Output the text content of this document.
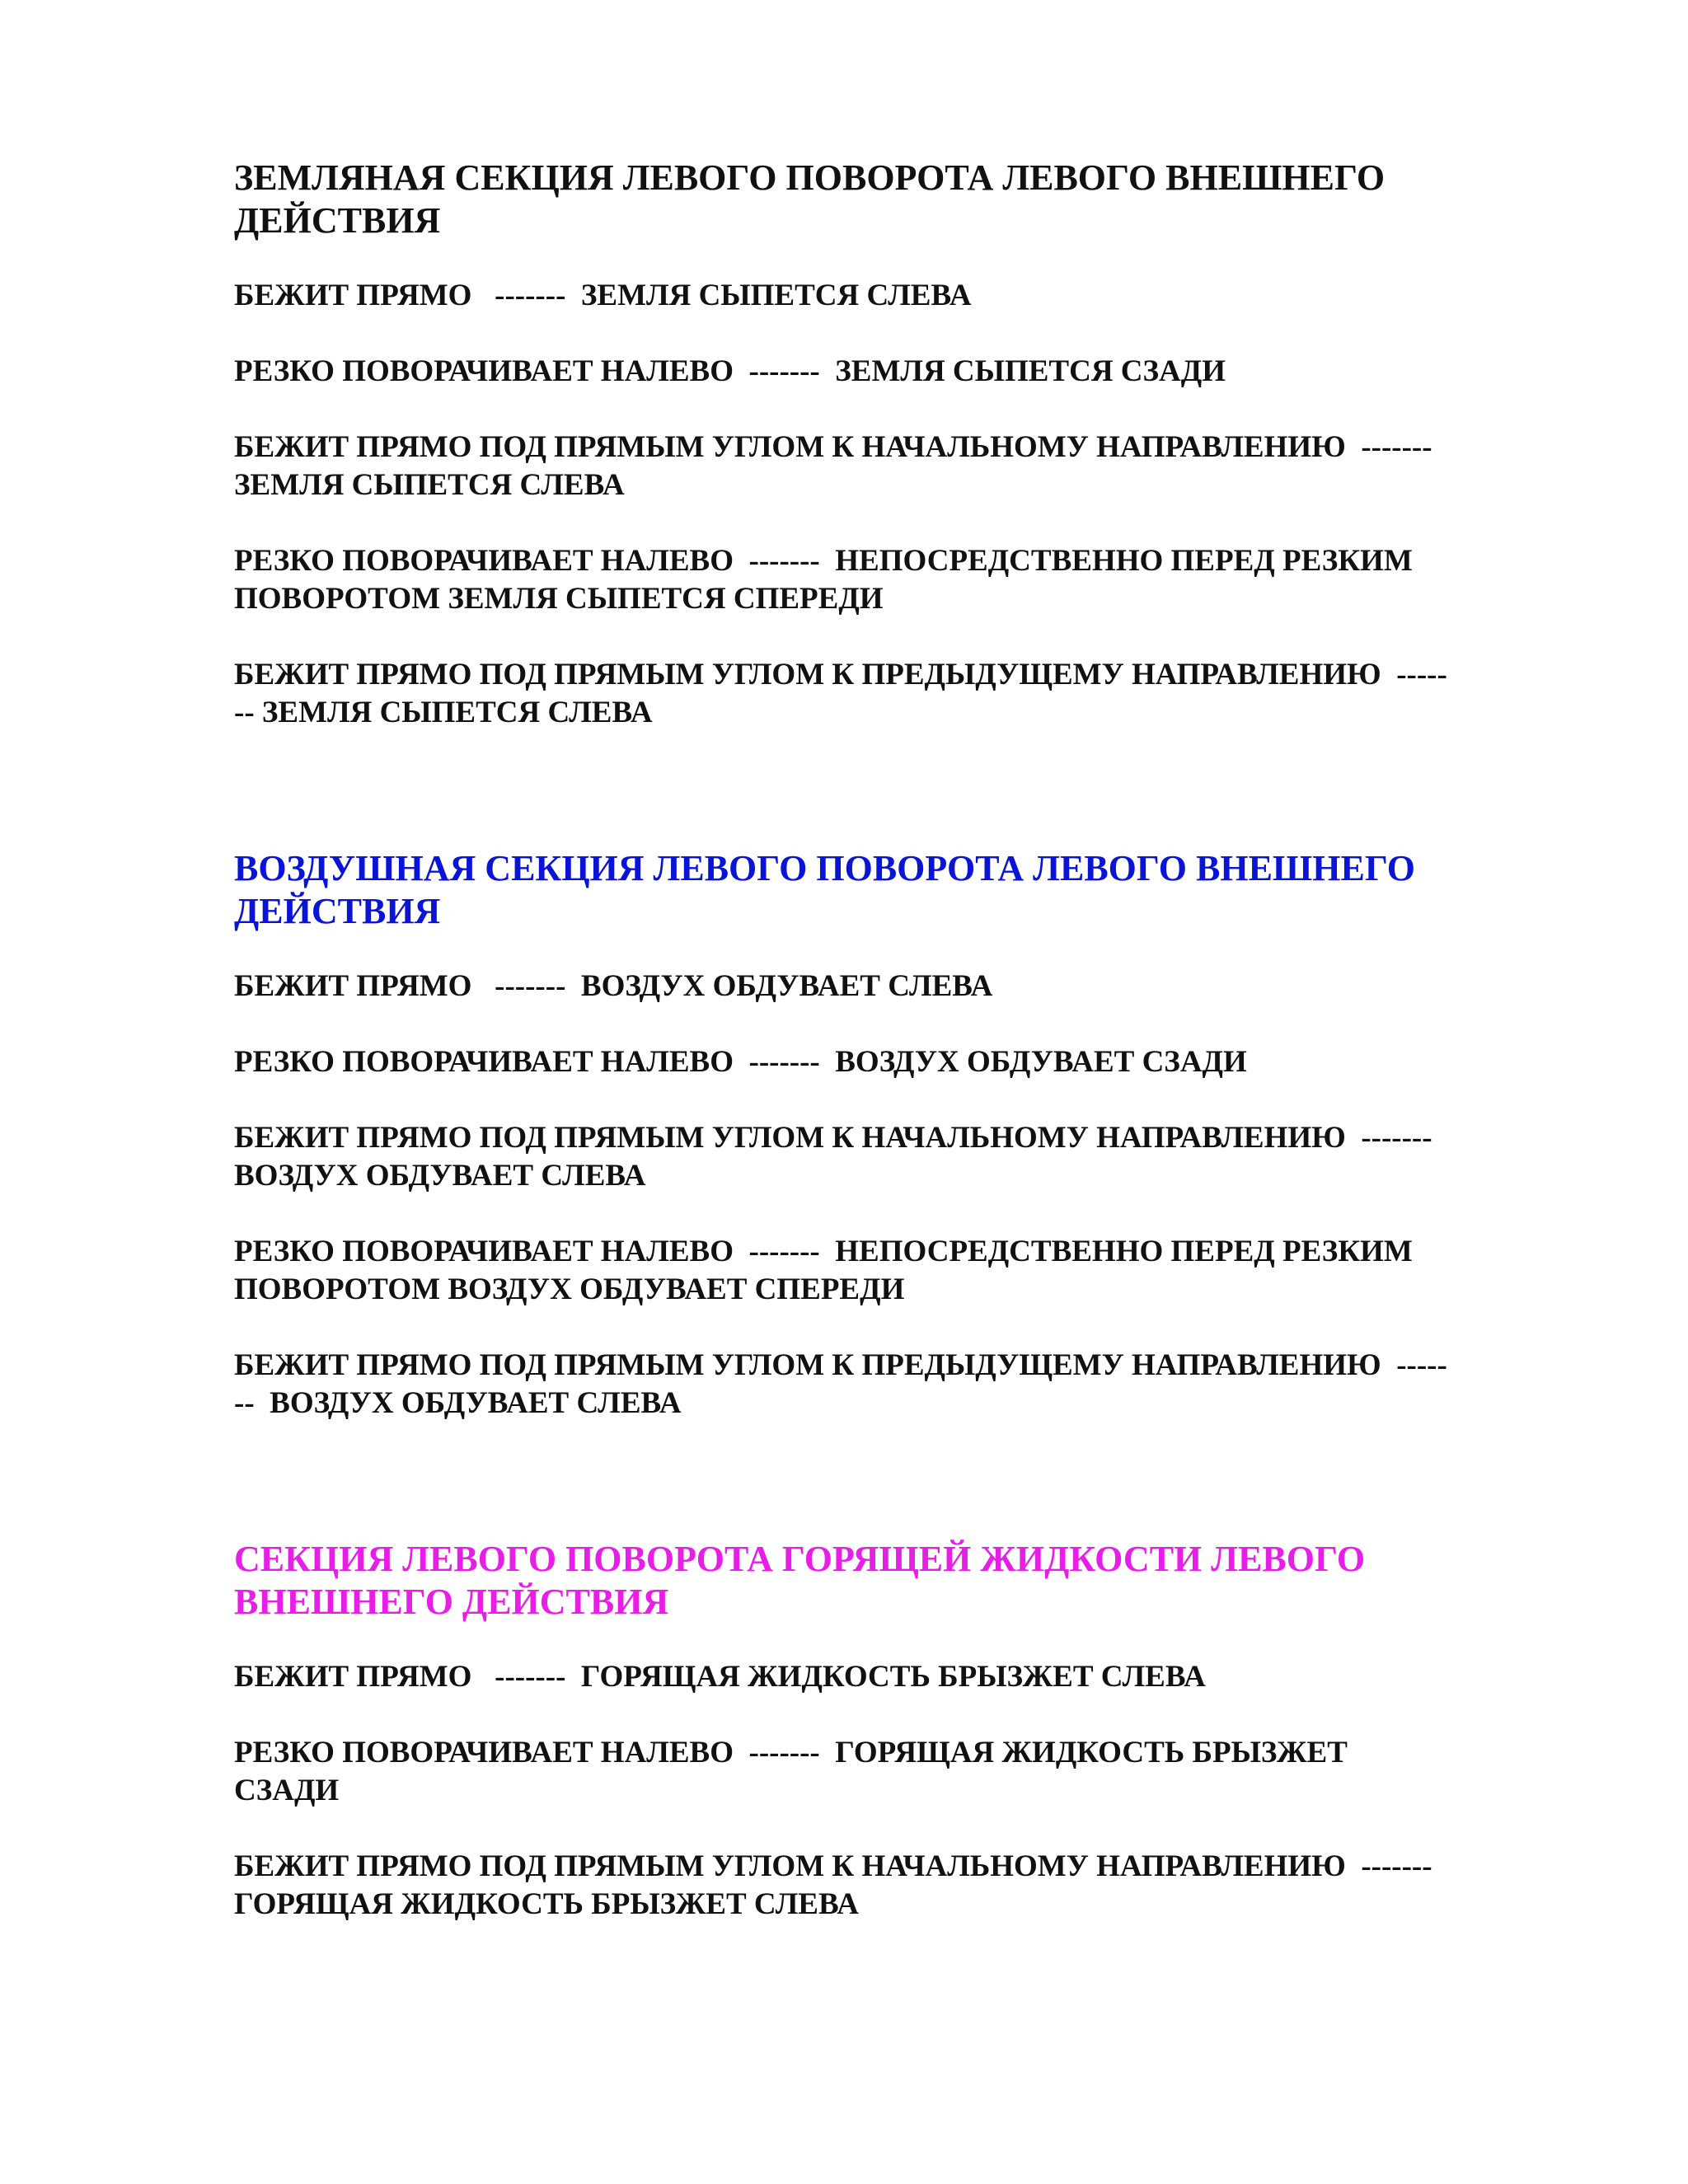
ЗЕМЛЯНАЯ СЕКЦИЯ ЛЕВОГО ПОВОРОТА ЛЕВОГО ВНЕШНЕГО
ДЕЙСТВИЯ
БЕЖИТ ПРЯМО   -------  ЗЕМЛЯ СЫПЕТСЯ СЛЕВА
РЕЗКО ПОВОРАЧИВАЕТ НАЛЕВО  -------  ЗЕМЛЯ СЫПЕТСЯ СЗАДИ
БЕЖИТ ПРЯМО ПОД ПРЯМЫМ УГЛОМ К НАЧАЛЬНОМУ НАПРАВЛЕНИЮ  -------
ЗЕМЛЯ СЫПЕТСЯ СЛЕВА
РЕЗКО ПОВОРАЧИВАЕТ НАЛЕВО  -------  НЕПОСРЕДСТВЕННО ПЕРЕД РЕЗКИМ
ПОВОРОТОМ ЗЕМЛЯ СЫПЕТСЯ СПЕРЕДИ
БЕЖИТ ПРЯМО ПОД ПРЯМЫМ УГЛОМ К ПРЕДЫДУЩЕМУ НАПРАВЛЕНИЮ  -----
-- ЗЕМЛЯ СЫПЕТСЯ СЛЕВА
ВОЗДУШНАЯ СЕКЦИЯ ЛЕВОГО ПОВОРОТА ЛЕВОГО ВНЕШНЕГО
ДЕЙСТВИЯ
БЕЖИТ ПРЯМО   -------  ВОЗДУХ ОБДУВАЕТ СЛЕВА
РЕЗКО ПОВОРАЧИВАЕТ НАЛЕВО  -------  ВОЗДУХ ОБДУВАЕТ СЗАДИ
БЕЖИТ ПРЯМО ПОД ПРЯМЫМ УГЛОМ К НАЧАЛЬНОМУ НАПРАВЛЕНИЮ  -------
ВОЗДУХ ОБДУВАЕТ СЛЕВА
РЕЗКО ПОВОРАЧИВАЕТ НАЛЕВО  -------  НЕПОСРЕДСТВЕННО ПЕРЕД РЕЗКИМ
ПОВОРОТОМ ВОЗДУХ ОБДУВАЕТ СПЕРЕДИ
БЕЖИТ ПРЯМО ПОД ПРЯМЫМ УГЛОМ К ПРЕДЫДУЩЕМУ НАПРАВЛЕНИЮ  -----
--  ВОЗДУХ ОБДУВАЕТ СЛЕВА
СЕКЦИЯ ЛЕВОГО ПОВОРОТА ГОРЯЩЕЙ ЖИДКОСТИ ЛЕВОГО
ВНЕШНЕГО ДЕЙСТВИЯ
БЕЖИТ ПРЯМО   -------  ГОРЯЩАЯ ЖИДКОСТЬ БРЫЗЖЕТ СЛЕВА
РЕЗКО ПОВОРАЧИВАЕТ НАЛЕВО  -------  ГОРЯЩАЯ ЖИДКОСТЬ БРЫЗЖЕТ
СЗАДИ
БЕЖИТ ПРЯМО ПОД ПРЯМЫМ УГЛОМ К НАЧАЛЬНОМУ НАПРАВЛЕНИЮ  -------
ГОРЯЩАЯ ЖИДКОСТЬ БРЫЗЖЕТ СЛЕВА
